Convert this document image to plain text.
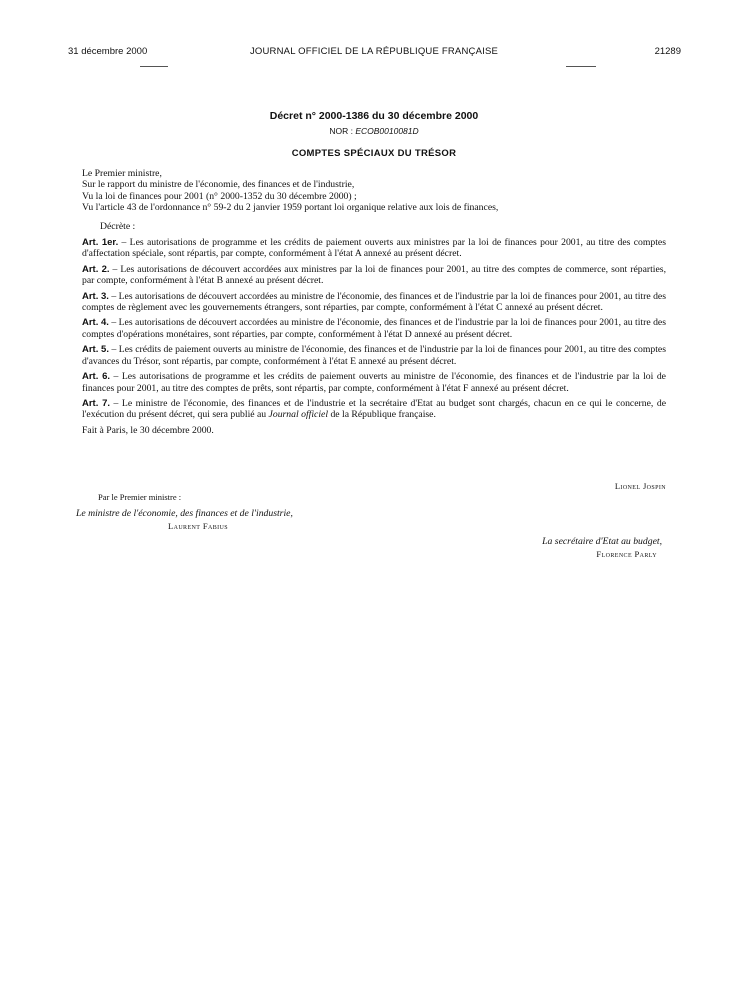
31 décembre 2000	JOURNAL OFFICIEL DE LA RÉPUBLIQUE FRANÇAISE	21289
Décret n° 2000-1386 du 30 décembre 2000
NOR : ECOB0010081D
COMPTES SPÉCIAUX DU TRÉSOR
Le Premier ministre,
Sur le rapport du ministre de l'économie, des finances et de l'industrie,
Vu la loi de finances pour 2001 (n° 2000-1352 du 30 décembre 2000) ;
Vu l'article 43 de l'ordonnance n° 59-2 du 2 janvier 1959 portant loi organique relative aux lois de finances,
Décrète :
Art. 1er. – Les autorisations de programme et les crédits de paiement ouverts aux ministres par la loi de finances pour 2001, au titre des comptes d'affectation spéciale, sont répartis, par compte, conformément à l'état A annexé au présent décret.
Art. 2. – Les autorisations de découvert accordées aux ministres par la loi de finances pour 2001, au titre des comptes de commerce, sont réparties, par compte, conformément à l'état B annexé au présent décret.
Art. 3. – Les autorisations de découvert accordées au ministre de l'économie, des finances et de l'industrie par la loi de finances pour 2001, au titre des comptes de règlement avec les gouvernements étrangers, sont réparties, par compte, conformément à l'état C annexé au présent décret.
Art. 4. – Les autorisations de découvert accordées au ministre de l'économie, des finances et de l'industrie par la loi de finances pour 2001, au titre des comptes d'opérations monétaires, sont réparties, par compte, conformément à l'état D annexé au présent décret.
Art. 5. – Les crédits de paiement ouverts au ministre de l'économie, des finances et de l'industrie par la loi de finances pour 2001, au titre des comptes d'avances du Trésor, sont répartis, par compte, conformément à l'état E annexé au présent décret.
Art. 6. – Les autorisations de programme et les crédits de paiement ouverts au ministre de l'économie, des finances et de l'industrie par la loi de finances pour 2001, au titre des comptes de prêts, sont répartis, par compte, conformément à l'état F annexé au présent décret.
Art. 7. – Le ministre de l'économie, des finances et de l'industrie et la secrétaire d'Etat au budget sont chargés, chacun en ce qui le concerne, de l'exécution du présent décret, qui sera publié au Journal officiel de la République française.
Fait à Paris, le 30 décembre 2000.
Lionel Jospin
Par le Premier ministre :
Le ministre de l'économie, des finances et de l'industrie,
Laurent Fabius
La secrétaire d'Etat au budget,
Florence Parly
